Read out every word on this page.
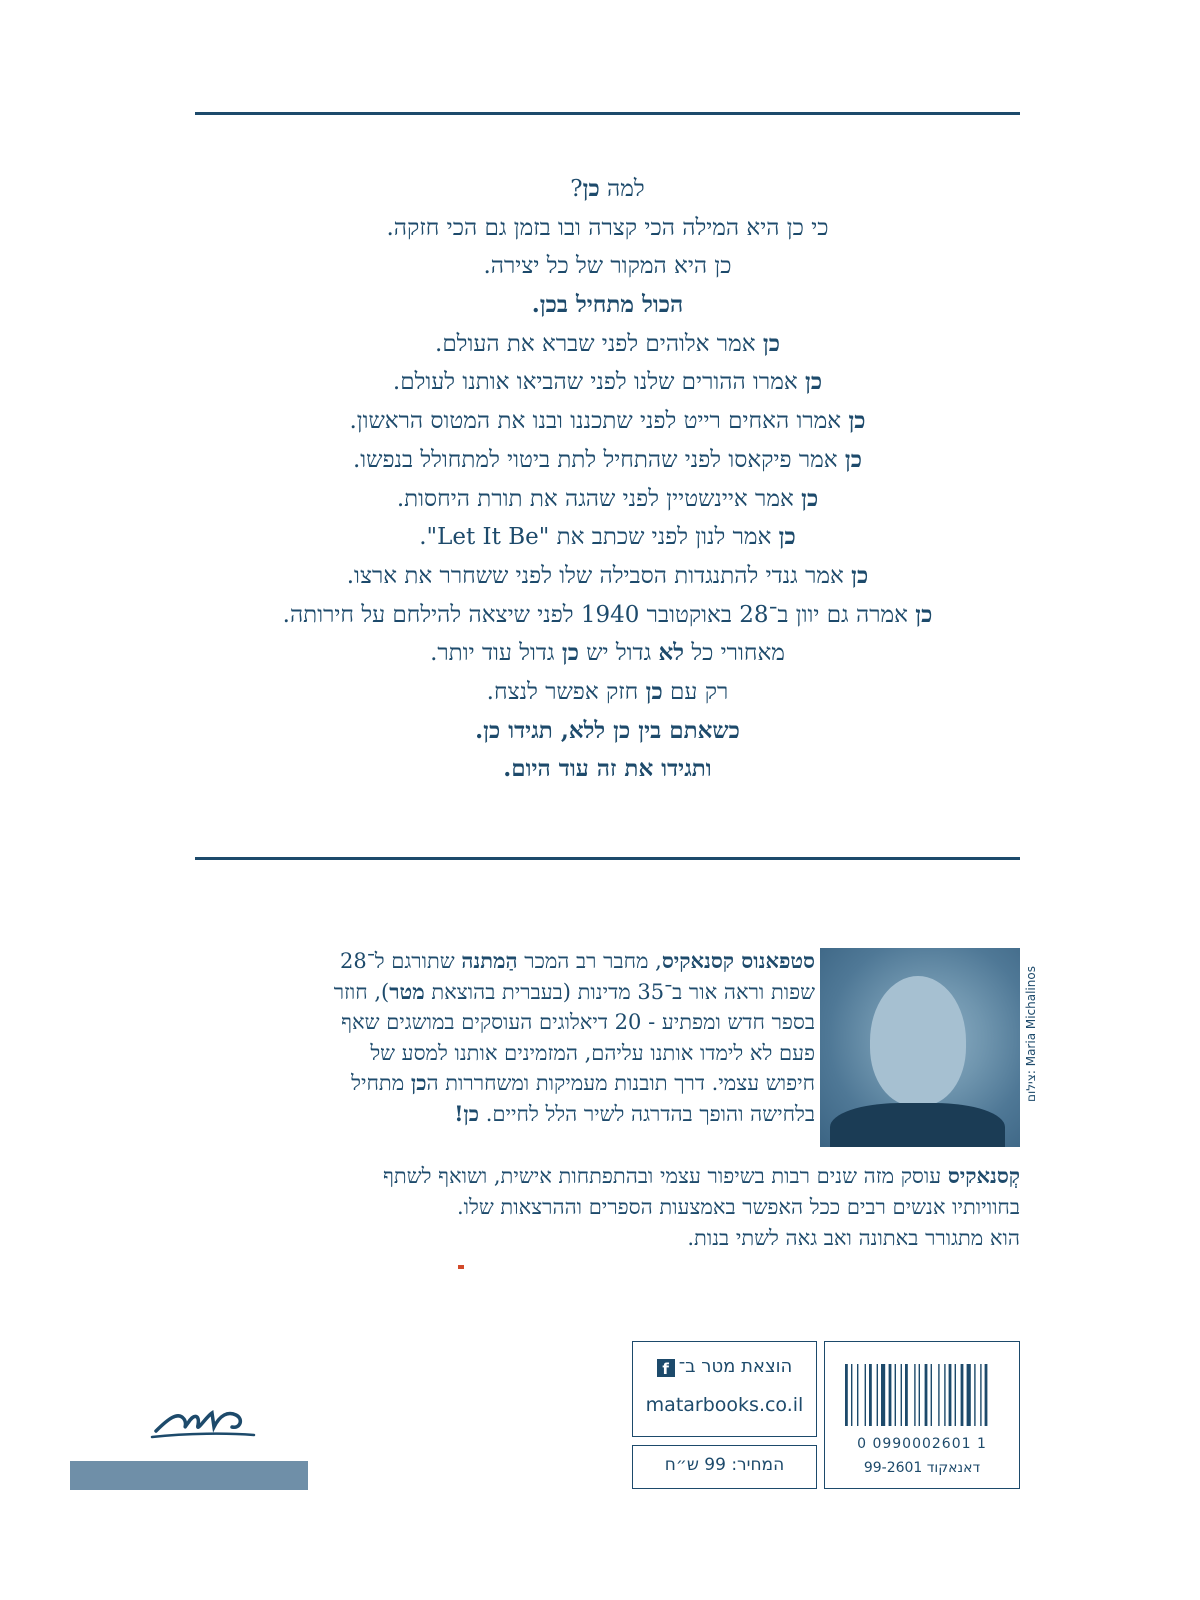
למה כן?
כי כן היא המילה הכי קצרה ובו בזמן גם הכי חזקה.
כן היא המקור של כל יצירה.
הכול מתחיל בכן.
כן אמר אלוהים לפני שברא את העולם.
כן אמרו ההורים שלנו לפני שהביאו אותנו לעולם.
כן אמרו האחים רייט לפני שתכננו ובנו את המטוס הראשון.
כן אמר פיקאסו לפני שהתחיל לתת ביטוי למתחולל בנפשו.
כן אמר איינשטיין לפני שהגה את תורת היחסות.
כן אמר לנון לפני שכתב את "Let It Be".
כן אמר גנדי להתנגדות הסבילה שלו לפני ששחרר את ארצו.
כן אמרה גם יוון ב־28 באוקטובר 1940 לפני שיצאה להילחם על חירותה.
מאחורי כל לא גדול יש כן גדול עוד יותר.
רק עם כן חזק אפשר לנצח.
כשאתם בין כן ללא, תגידו כן.
ותגידו את זה עוד היום.
צילום: Maria Michalinos
סטפאנוס קסנאקיס, מחבר רב המכר הַמתנה שתורגם ל־28
שפות וראה אור ב־35 מדינות (בעברית בהוצאת מטר), חוזר
בספר חדש ומפתיע - 20 דיאלוגים העוסקים במושגים שאף
פעם לא לימדו אותנו עליהם, המזמינים אותנו למסע של
חיפוש עצמי. דרך תובנות מעמיקות ומשחררות הכן מתחיל
בלחישה והופך בהדרגה לשיר הלל לחיים. כן!
קְסנאקיס עוסק מזה שנים רבות בשיפור עצמי ובהתפתחות אישית, ושואף לשתף
בחוויותיו אנשים רבים ככל האפשר באמצעות הספרים וההרצאות שלו.
הוא מתגורר באתונה ואב גאה לשתי בנות.
הוצאת מטר ב־f
matarbooks.co.il
המחיר: 99 ש״ח
0 0990002601 1
דאנאקוד 99-2601
